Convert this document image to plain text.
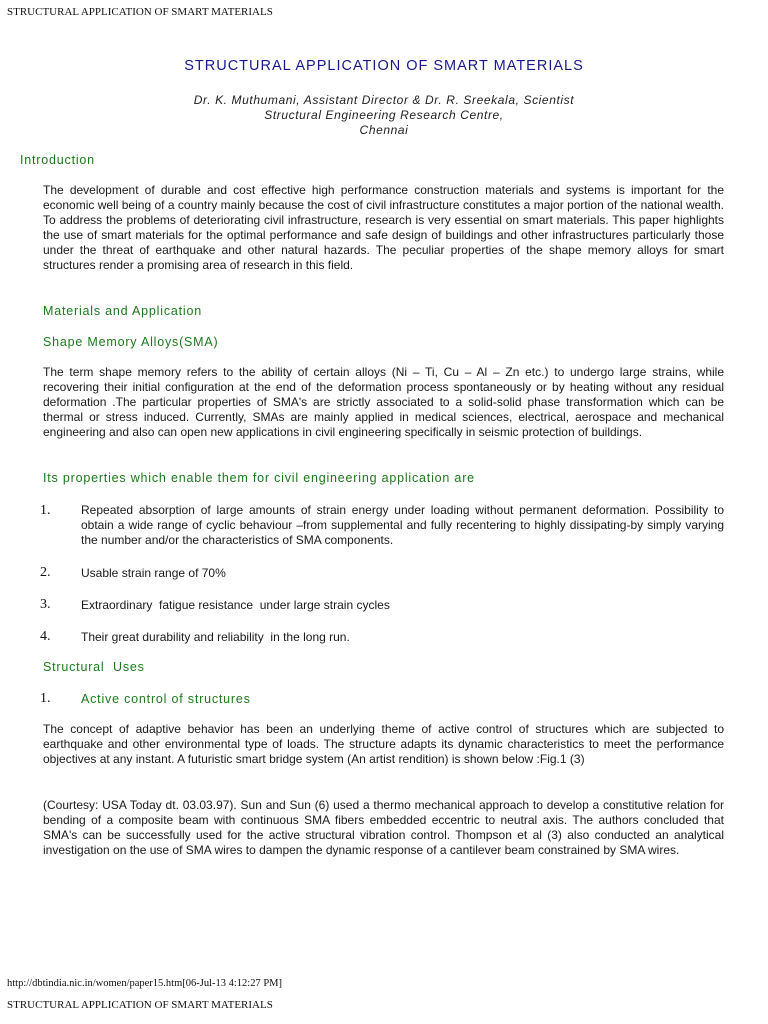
STRUCTURAL APPLICATION OF SMART MATERIALS
STRUCTURAL APPLICATION OF SMART MATERIALS
Dr. K. Muthumani, Assistant Director & Dr. R. Sreekala, Scientist
Structural Engineering Research Centre,
Chennai
Introduction
The development of durable and cost effective high performance construction materials and systems is important for the economic well being of a country mainly because the cost of civil infrastructure constitutes a major portion of the national wealth. To address the problems of deteriorating civil infrastructure, research is very essential on smart materials. This paper highlights the use of smart materials for the optimal performance and safe design of buildings and other infrastructures particularly those under the threat of earthquake and other natural hazards. The peculiar properties of the shape memory alloys for smart structures render a promising area of research in this field.
Materials and Application
Shape Memory Alloys(SMA)
The term shape memory refers to the ability of certain alloys (Ni – Ti, Cu – Al – Zn etc.) to undergo large strains, while recovering their initial configuration at the end of the deformation process spontaneously or by heating without any residual deformation .The particular properties of SMA's are strictly associated to a solid-solid phase transformation which can be thermal or stress induced. Currently, SMAs are mainly applied in medical sciences, electrical, aerospace and mechanical engineering and also can open new applications in civil engineering specifically in seismic protection of buildings.
Its properties which enable them for civil engineering application are
1.	Repeated absorption of large amounts of strain energy under loading without permanent deformation. Possibility to obtain a wide range of cyclic behaviour –from supplemental and fully recentering to highly dissipating-by simply varying the number and/or the characteristics of SMA components.
2.	Usable strain range of 70%
3.	Extraordinary  fatigue resistance  under large strain cycles
4.	Their great durability and reliability  in the long run.
Structural  Uses
1. Active control of structures
The concept of adaptive behavior has been an underlying theme of active control of structures which are subjected to earthquake and other environmental type of loads. The structure adapts its dynamic characteristics to meet the performance objectives at any instant. A futuristic smart bridge system (An artist rendition) is shown below :Fig.1 (3)
(Courtesy: USA Today dt. 03.03.97). Sun and Sun (6) used a thermo mechanical approach to develop a constitutive relation for bending of a composite beam with continuous SMA fibers embedded eccentric to neutral axis. The authors concluded that SMA's can be successfully used for the active structural vibration control. Thompson et al (3) also conducted an analytical investigation on the use of SMA wires to dampen the dynamic response of a cantilever beam constrained by SMA wires.
http://dbtindia.nic.in/women/paper15.htm[06-Jul-13 4:12:27 PM]
STRUCTURAL APPLICATION OF SMART MATERIALS
